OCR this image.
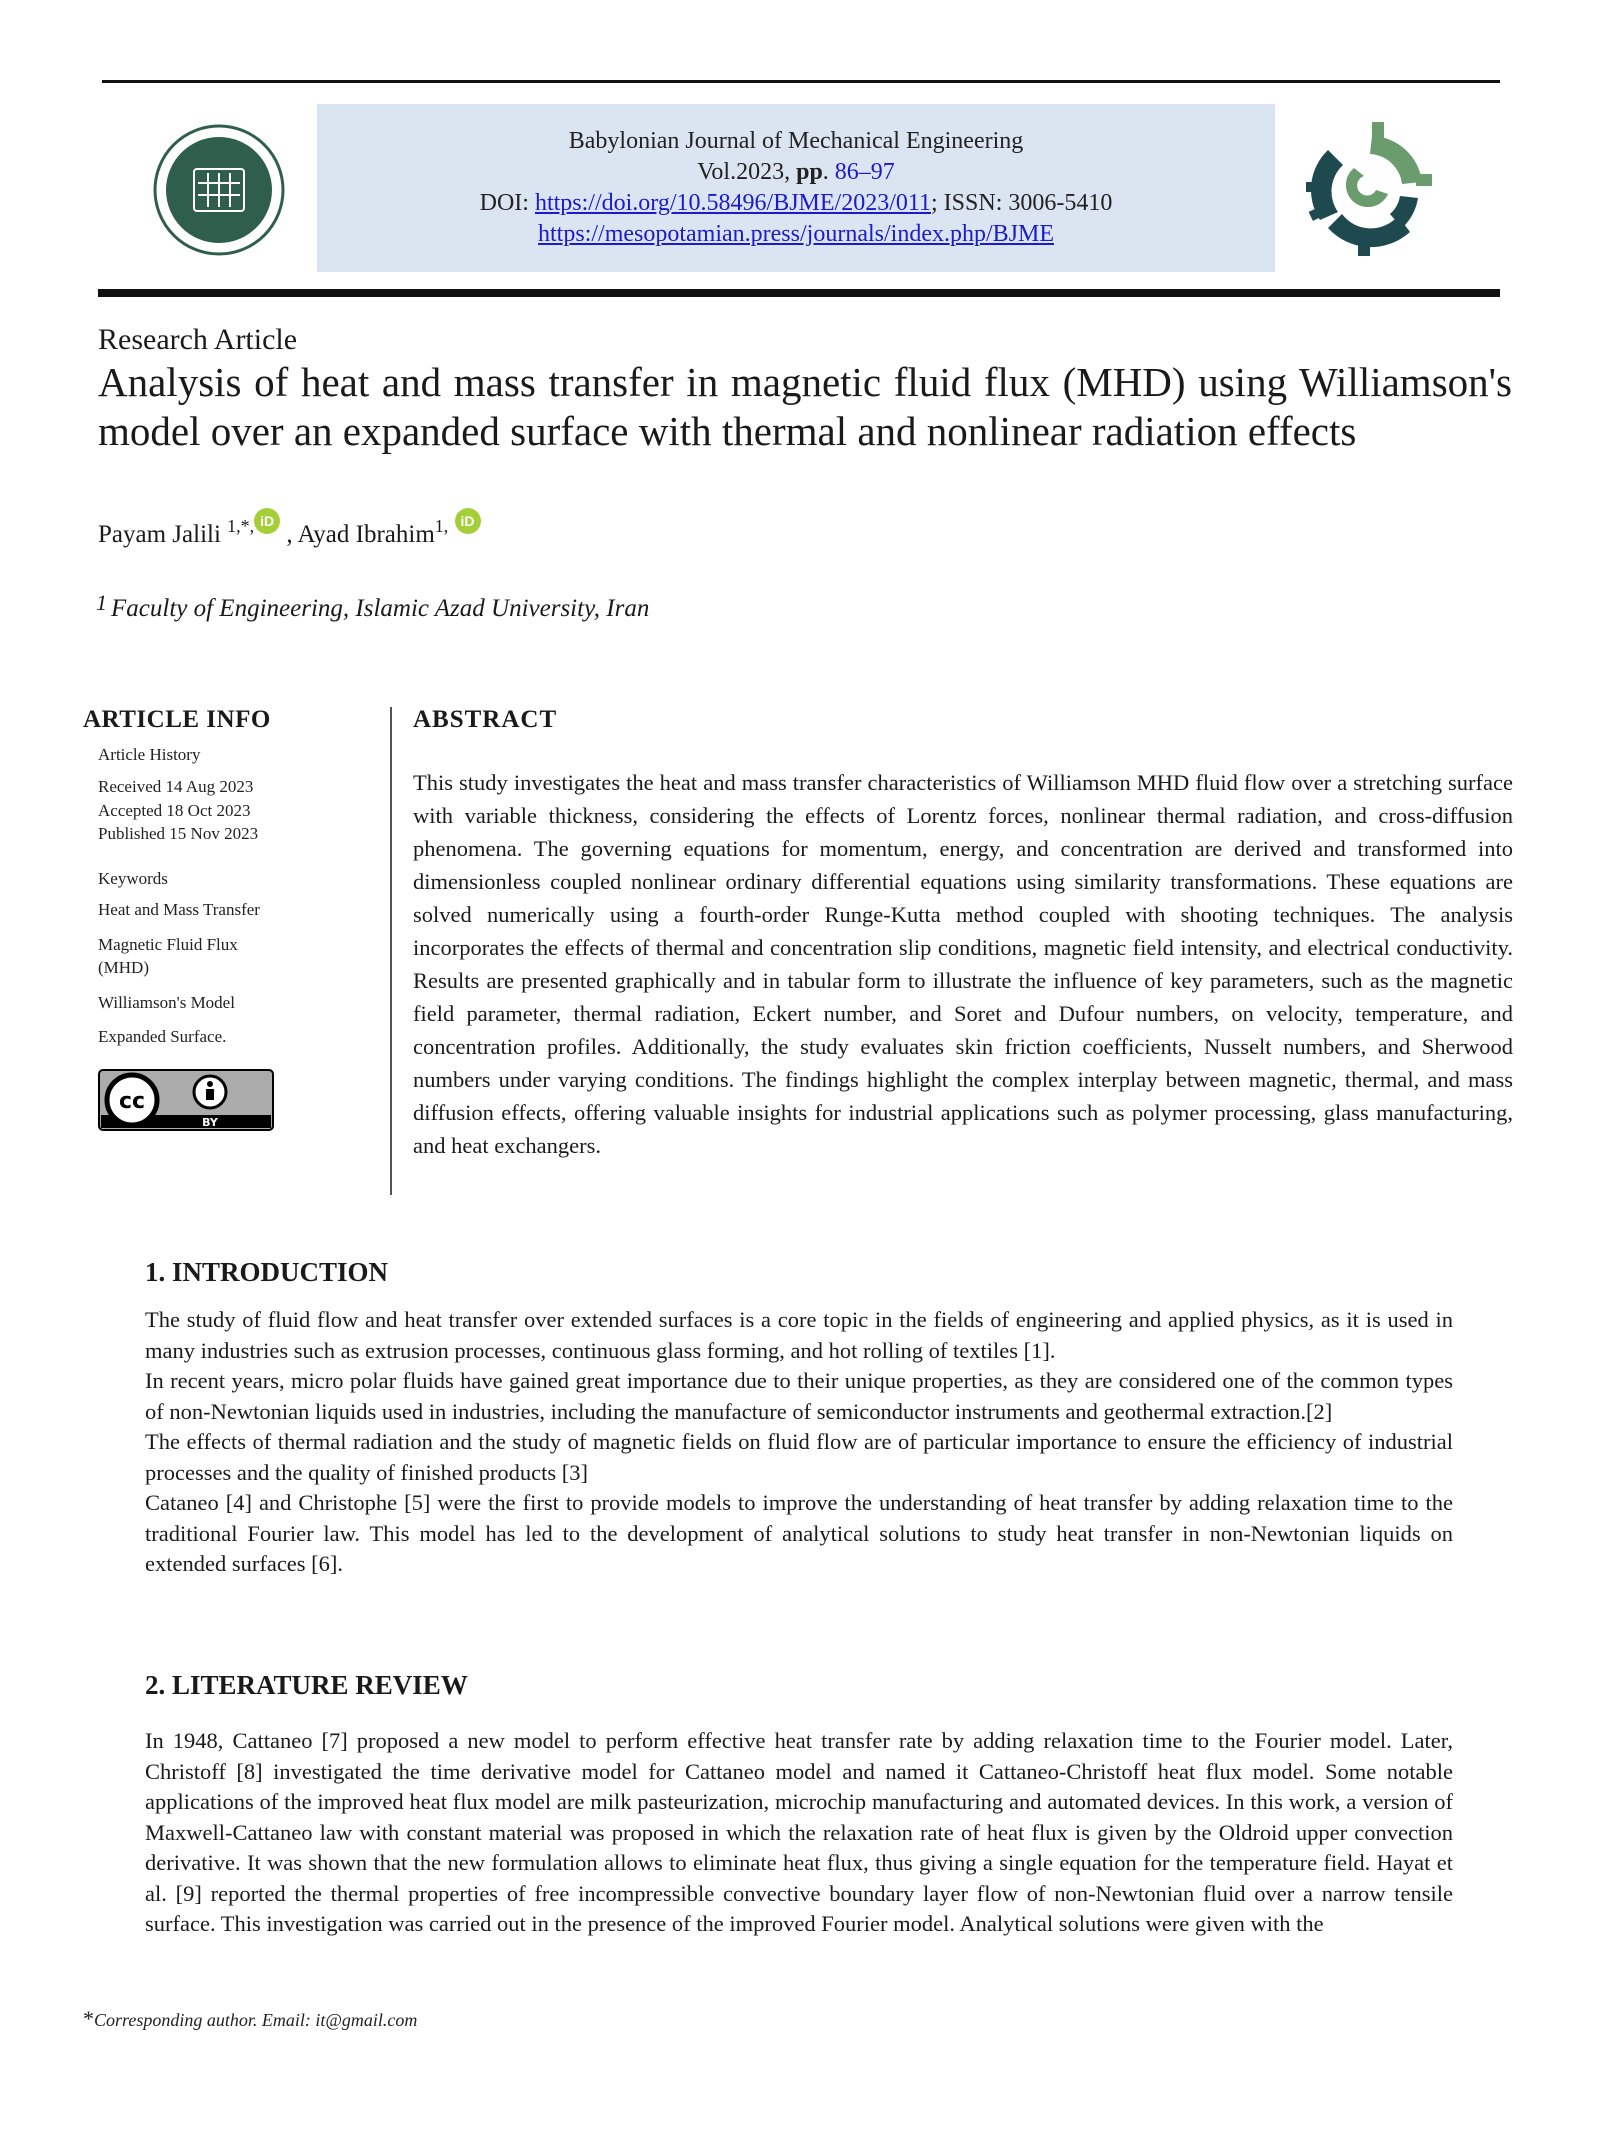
MESOPOTAMIAN
Babylonian Journal of Mechanical Engineering
Vol.2023, pp. 86–97
DOI: https://doi.org/10.58496/BJME/2023/011; ISSN: 3006-5410
https://mesopotamian.press/journals/index.php/BJME
Research Article
Analysis of heat and mass transfer in magnetic fluid flux (MHD) using Williamson's model over an expanded surface with thermal and nonlinear radiation effects
Payam Jalili $^{1,*,}$ iD , Ayad Ibrahim$^{1,}$ iD
$^1$ Faculty of Engineering, Islamic Azad University, Iran
ARTICLE INFO
Article History
Received 14 Aug 2023
Accepted 18 Oct 2023
Published 15 Nov 2023
Keywords
Heat and Mass Transfer
Magnetic Fluid Flux
(MHD)
Williamson's Model
Expanded Surface.
cc
BY
ABSTRACT
This study investigates the heat and mass transfer characteristics of Williamson MHD fluid flow over a stretching surface with variable thickness, considering the effects of Lorentz forces, nonlinear thermal radiation, and cross-diffusion phenomena. The governing equations for momentum, energy, and concentration are derived and transformed into dimensionless coupled nonlinear ordinary differential equations using similarity transformations. These equations are solved numerically using a fourth-order Runge-Kutta method coupled with shooting techniques. The analysis incorporates the effects of thermal and concentration slip conditions, magnetic field intensity, and electrical conductivity. Results are presented graphically and in tabular form to illustrate the influence of key parameters, such as the magnetic field parameter, thermal radiation, Eckert number, and Soret and Dufour numbers, on velocity, temperature, and concentration profiles. Additionally, the study evaluates skin friction coefficients, Nusselt numbers, and Sherwood numbers under varying conditions. The findings highlight the complex interplay between magnetic, thermal, and mass diffusion effects, offering valuable insights for industrial applications such as polymer processing, glass manufacturing, and heat exchangers.
1. INTRODUCTION

The study of fluid flow and heat transfer over extended surfaces is a core topic in the fields of engineering and applied physics, as it is used in many industries such as extrusion processes, continuous glass forming, and hot rolling of textiles [1].

In recent years, micro polar fluids have gained great importance due to their unique properties, as they are considered one of the common types of non-Newtonian liquids used in industries, including the manufacture of semiconductor instruments and geothermal extraction.[2]

The effects of thermal radiation and the study of magnetic fields on fluid flow are of particular importance to ensure the efficiency of industrial processes and the quality of finished products [3]

Cataneo [4] and Christophe [5] were the first to provide models to improve the understanding of heat transfer by adding relaxation time to the traditional Fourier law. This model has led to the development of analytical solutions to study heat transfer in non-Newtonian liquids on extended surfaces [6].

2. LITERATURE REVIEW

In 1948, Cattaneo [7] proposed a new model to perform effective heat transfer rate by adding relaxation time to the Fourier model. Later, Christoff [8] investigated the time derivative model for Cattaneo model and named it Cattaneo-Christoff heat flux model. Some notable applications of the improved heat flux model are milk pasteurization, microchip manufacturing and automated devices. In this work, a version of Maxwell-Cattaneo law with constant material was proposed in which the relaxation rate of heat flux is given by the Oldroid upper convection derivative. It was shown that the new formulation allows to eliminate heat flux, thus giving a single equation for the temperature field. Hayat et al. [9] reported the thermal properties of free incompressible convective boundary layer flow of non-Newtonian fluid over a narrow tensile surface. This investigation was carried out in the presence of the improved Fourier model. Analytical solutions were given with the

*Corresponding author. Email: it@gmail.com
